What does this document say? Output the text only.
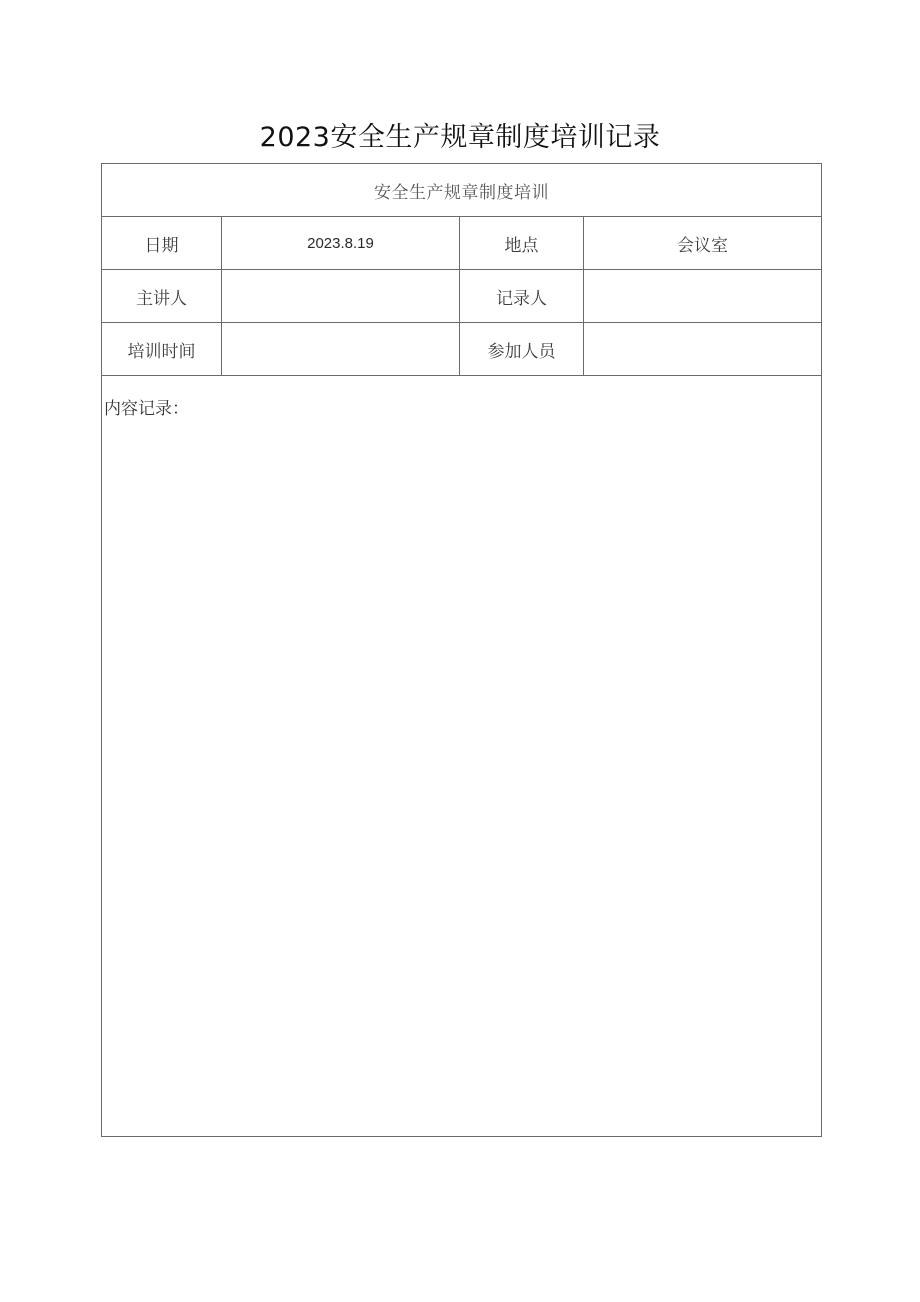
2023安全生产规章制度培训记录
安全生产规章制度培训			
日期	2023.8.19	地点	会议室
主讲人		记录人	
培训时间		参加人员	
内容记录：			
